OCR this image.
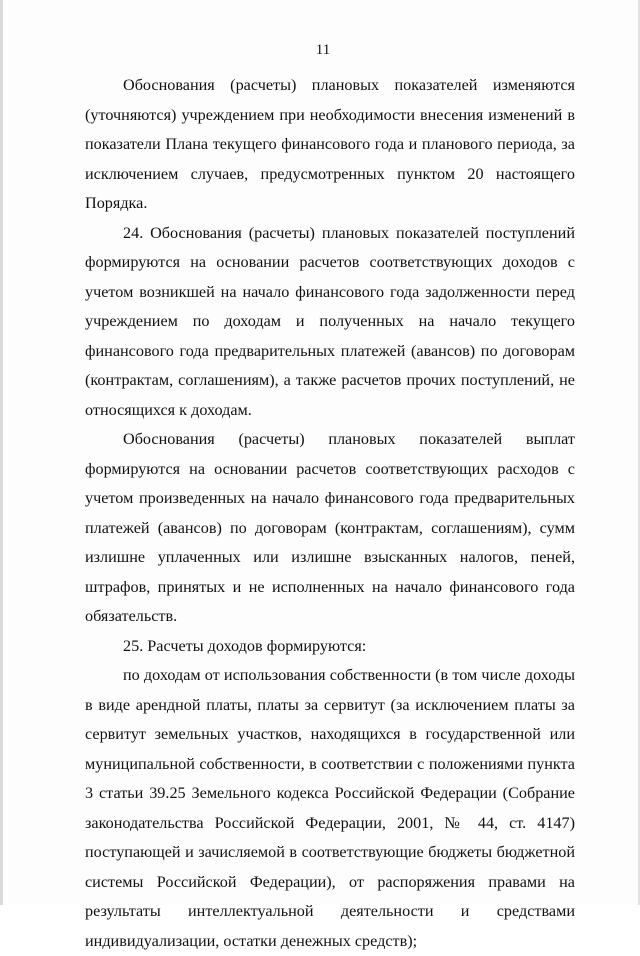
11

Обоснования (расчеты) плановых показателей изменяются (уточняются) учреждением при необходимости внесения изменений в показатели Плана текущего финансового года и планового периода, за исключением случаев, предусмотренных пунктом 20 настоящего Порядка.

24. Обоснования (расчеты) плановых показателей поступлений формируются на основании расчетов соответствующих доходов с учетом возникшей на начало финансового года задолженности перед учреждением по доходам и полученных на начало текущего финансового года предварительных платежей (авансов) по договорам (контрактам, соглашениям), а также расчетов прочих поступлений, не относящихся к доходам.

Обоснования (расчеты) плановых показателей выплат формируются на основании расчетов соответствующих расходов с учетом произведенных на начало финансового года предварительных платежей (авансов) по договорам (контрактам, соглашениям), сумм излишне уплаченных или излишне взысканных налогов, пеней, штрафов, принятых и не исполненных на начало финансового года обязательств.

25. Расчеты доходов формируются:

по доходам от использования собственности (в том числе доходы в виде арендной платы, платы за сервитут (за исключением платы за сервитут земельных участков, находящихся в государственной или муниципальной собственности, в соответствии с положениями пункта 3 статьи 39.25 Земельного кодекса Российской Федерации (Собрание законодательства Российской Федерации, 2001, № 44, ст. 4147) поступающей и зачисляемой в соответствующие бюджеты бюджетной системы Российской Федерации), от распоряжения правами на результаты интеллектуальной деятельности и средствами индивидуализации, остатки денежных средств);
